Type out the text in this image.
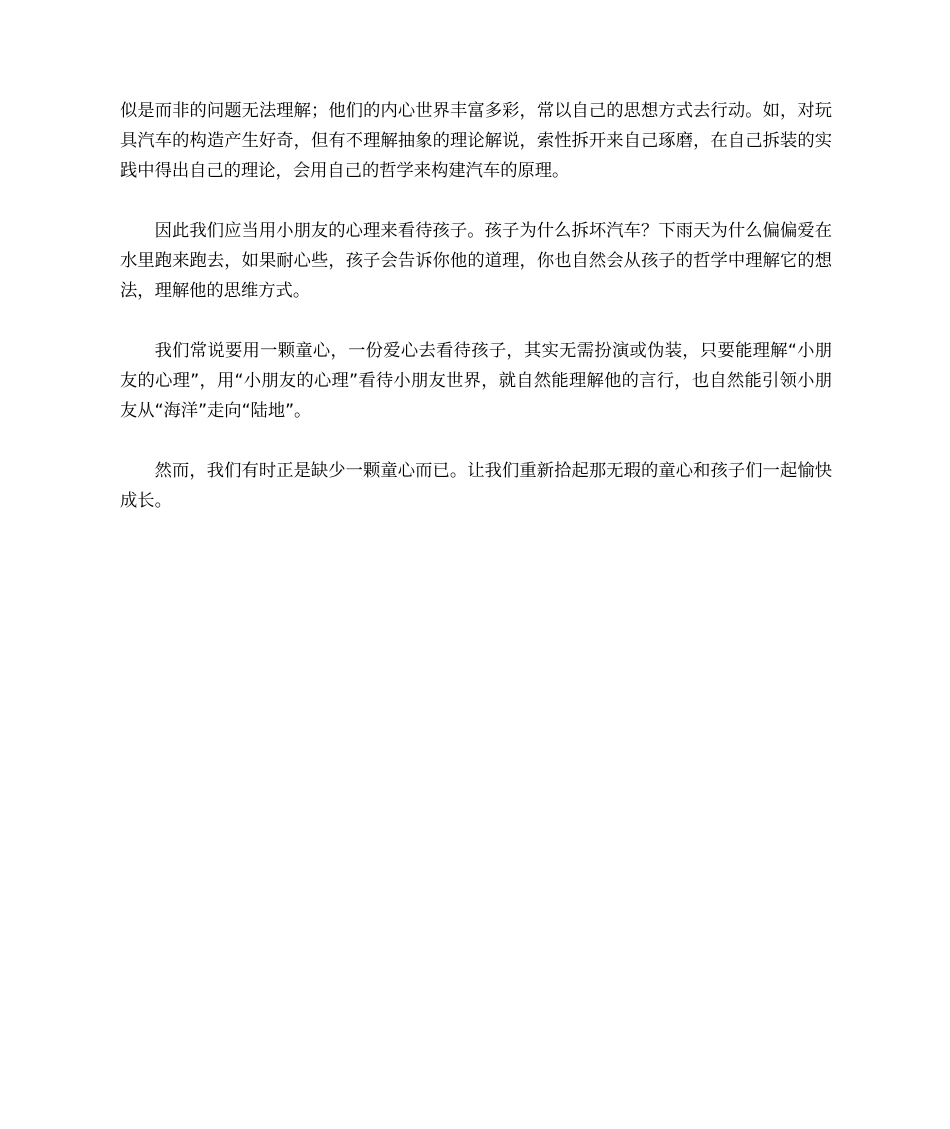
似是而非的问题无法理解；他们的内心世界丰富多彩，常以自己的思想方式去行动。如，对玩具汽车的构造产生好奇，但有不理解抽象的理论解说，索性拆开来自己琢磨，在自己拆装的实践中得出自己的理论，会用自己的哲学来构建汽车的原理。

因此我们应当用小朋友的心理来看待孩子。孩子为什么拆坏汽车？下雨天为什么偏偏爱在水里跑来跑去，如果耐心些，孩子会告诉你他的道理，你也自然会从孩子的哲学中理解它的想法，理解他的思维方式。

我们常说要用一颗童心，一份爱心去看待孩子，其实无需扮演或伪装，只要能理解“小朋友的心理”，用“小朋友的心理”看待小朋友世界，就自然能理解他的言行，也自然能引领小朋友从“海洋”走向“陆地”。

然而，我们有时正是缺少一颗童心而已。让我们重新拾起那无瑕的童心和孩子们一起愉快成长。
